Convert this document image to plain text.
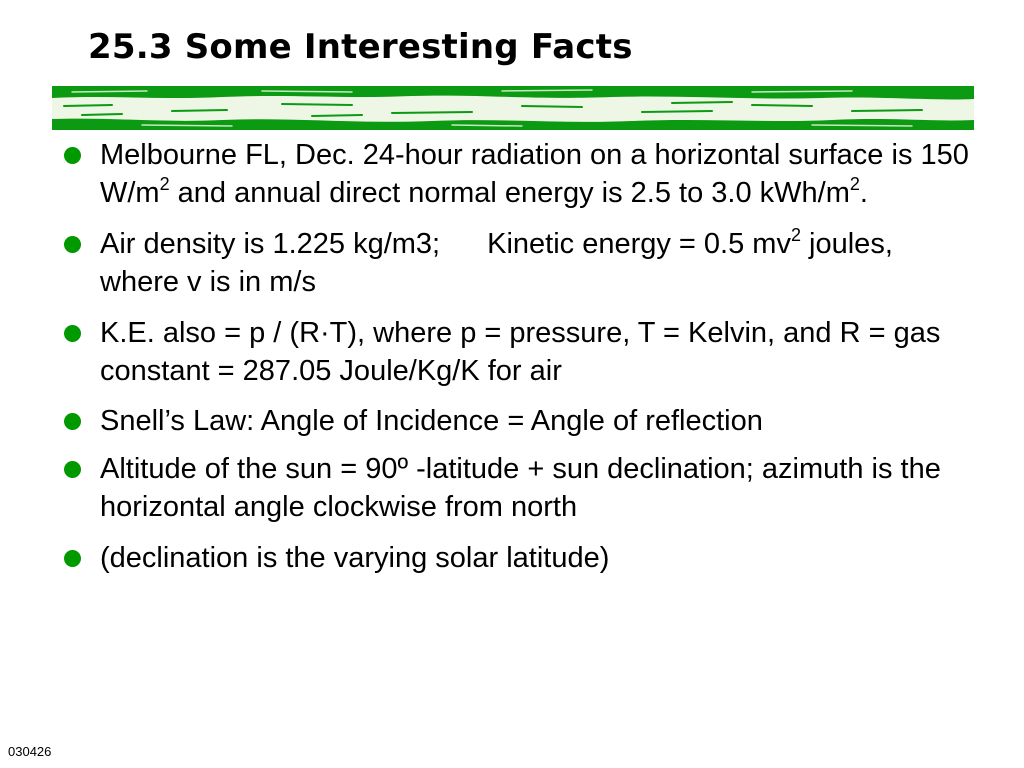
25.3 Some Interesting Facts
Melbourne FL, Dec. 24-hour radiation on a horizontal surface is 150 $W/m^2$ and annual direct normal energy is 2.5 to 3.0 kWh/$m^2$.
Air density is 1.225 kg/m3; Kinetic energy = 0.5 $mv^2$ joules, where v is in m/s
K.E. also = p / (R·T), where p = pressure, T = Kelvin, and R = gas constant = 287.05 Joule/Kg/K for air
Snell’s Law: Angle of Incidence = Angle of reflection
Altitude of the sun = 90º -latitude + sun declination; azimuth is the horizontal angle clockwise from north
(declination is the varying solar latitude)
030426
